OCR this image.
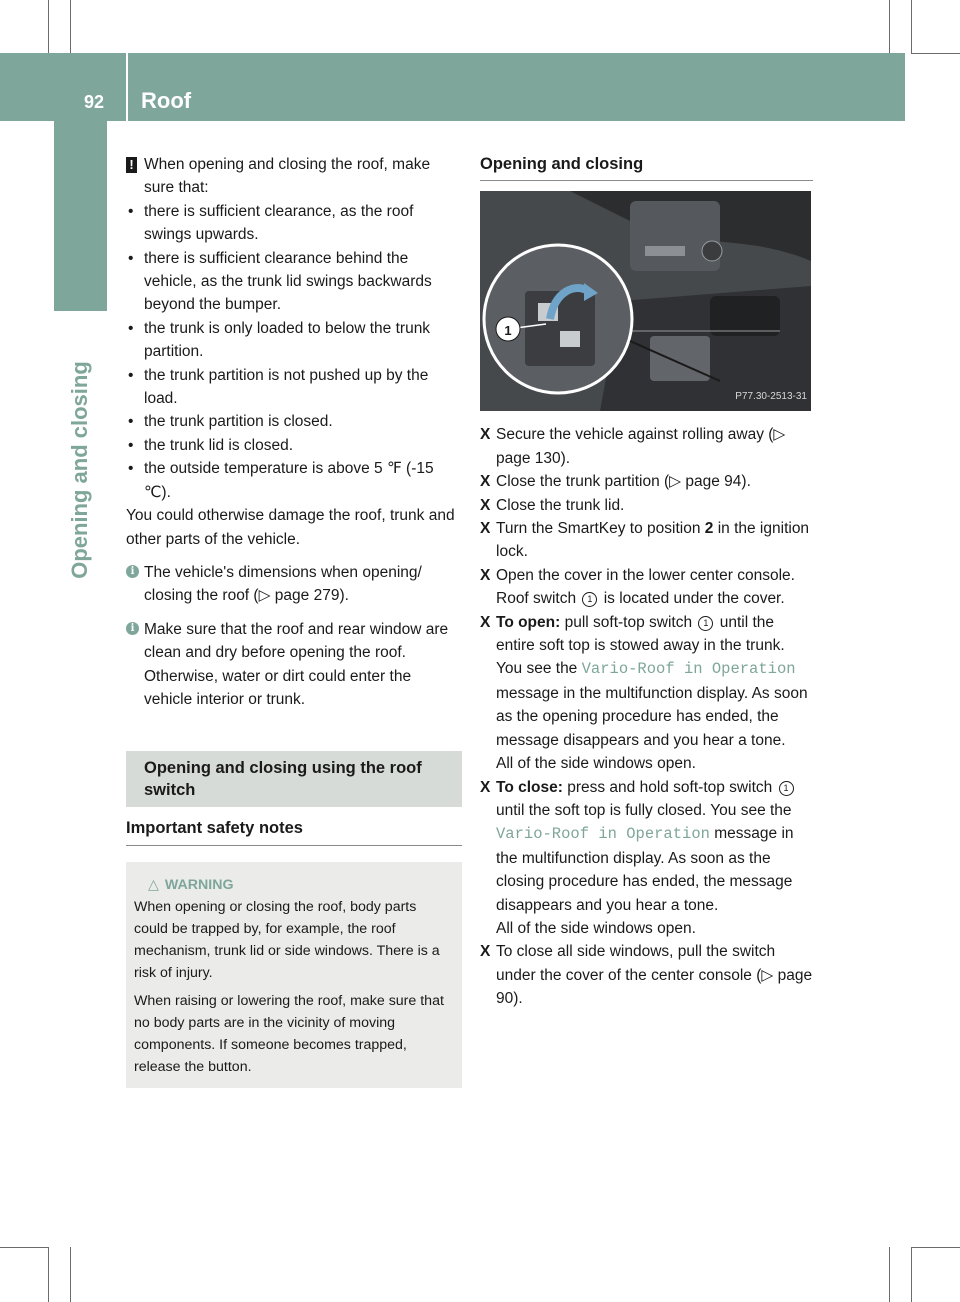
92 Roof
Opening and closing
! When opening and closing the roof, make sure that:

• there is sufficient clearance, as the roof swings upwards.
• there is sufficient clearance behind the vehicle, as the trunk lid swings backwards beyond the bumper.
• the trunk is only loaded to below the trunk partition.
• the trunk partition is not pushed up by the load.
• the trunk partition is closed.
• the trunk lid is closed.
• the outside temperature is above 5 ℉ (-15 ℃).

You could otherwise damage the roof, trunk and other parts of the vehicle.

i The vehicle's dimensions when opening/ closing the roof (▷ page 279).

i Make sure that the roof and rear window are clean and dry before opening the roof. Otherwise, water or dirt could enter the vehicle interior or trunk.

Opening and closing using the roof switch
Important safety notes
△ WARNING

When opening or closing the roof, body parts could be trapped by, for example, the roof mechanism, trunk lid or side windows. There is a risk of injury.

When raising or lowering the roof, make sure that no body parts are in the vicinity of moving components. If someone becomes trapped, release the button.

Opening and closing
P77.30-2513-31
1
X Secure the vehicle against rolling away (▷ page 130).
X Close the trunk partition (▷ page 94).
X Close the trunk lid.
X Turn the SmartKey to position 2 in the ignition lock.
X Open the cover in the lower center console. Roof switch 1 is located under the cover.
X To open: pull soft-top switch 1 until the entire soft top is stowed away in the trunk. You see the Vario-Roof in Operation message in the multifunction display. As soon as the opening procedure has ended, the message disappears and you hear a tone.

All of the side windows open.

X To close: press and hold soft-top switch 1 until the soft top is fully closed. You see the Vario-Roof in Operation message in the multifunction display. As soon as the closing procedure has ended, the message disappears and you hear a tone.

All of the side windows open.

X To close all side windows, pull the switch under the cover of the center console (▷ page 90).
